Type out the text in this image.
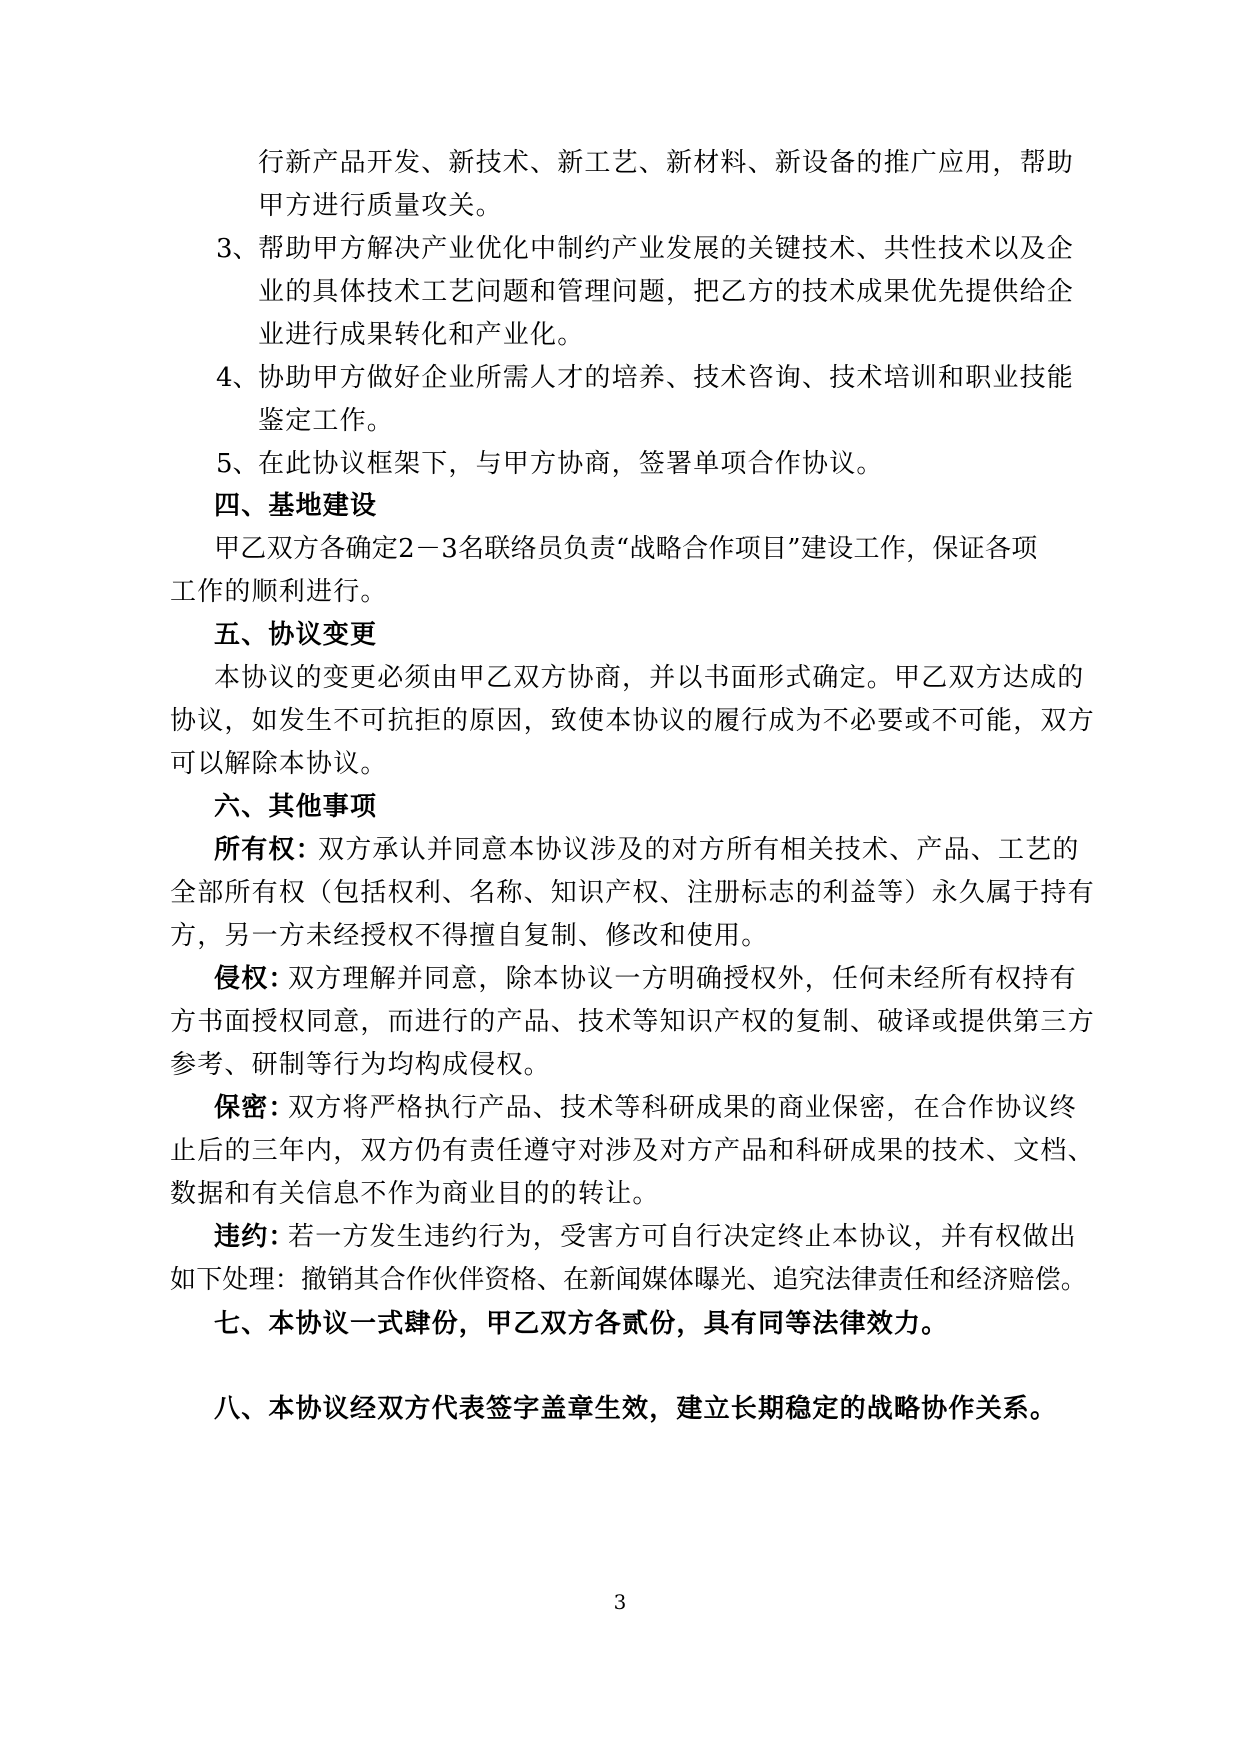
行新产品开发、新技术、新工艺、新材料、新设备的推广应用，帮助
甲方进行质量攻关。
3、 帮助甲方解决产业优化中制约产业发展的关键技术、共性技术以及企
业的具体技术工艺问题和管理问题，把乙方的技术成果优先提供给企
业进行成果转化和产业化。
4、 协助甲方做好企业所需人才的培养、技术咨询、技术培训和职业技能
鉴定工作。
5、 在此协议框架下，与甲方协商，签署单项合作协议。
四、基地建设
甲乙双方各确定2－3名联络员负责“战略合作项目”建设工作，保证各项
工作的顺利进行。
五、协议变更
本协议的变更必须由甲乙双方协商，并以书面形式确定。甲乙双方达成的
协议，如发生不可抗拒的原因，致使本协议的履行成为不必要或不可能，双方
可以解除本协议。
六、其他事项
所有权：
双方承认并同意本协议涉及的对方所有相关技术、产品、工艺的
全部所有权（包括权利、名称、知识产权、注册标志的利益等）永久属于持有
方，另一方未经授权不得擅自复制、修改和使用。
侵权：
双方理解并同意，除本协议一方明确授权外，任何未经所有权持有
方书面授权同意，而进行的产品、技术等知识产权的复制、破译或提供第三方
参考、研制等行为均构成侵权。
保密：
双方将严格执行产品、技术等科研成果的商业保密，在合作协议终
止后的三年内，双方仍有责任遵守对涉及对方产品和科研成果的技术、文档、
数据和有关信息不作为商业目的的转让。
违约：
若一方发生违约行为，受害方可自行决定终止本协议，并有权做出
如下处理：撤销其合作伙伴资格、在新闻媒体曝光、追究法律责任和经济赔偿。
七、本协议一式肆份，甲乙双方各贰份，具有同等法律效力。
八、本协议经双方代表签字盖章生效，建立长期稳定的战略协作关系。
3
